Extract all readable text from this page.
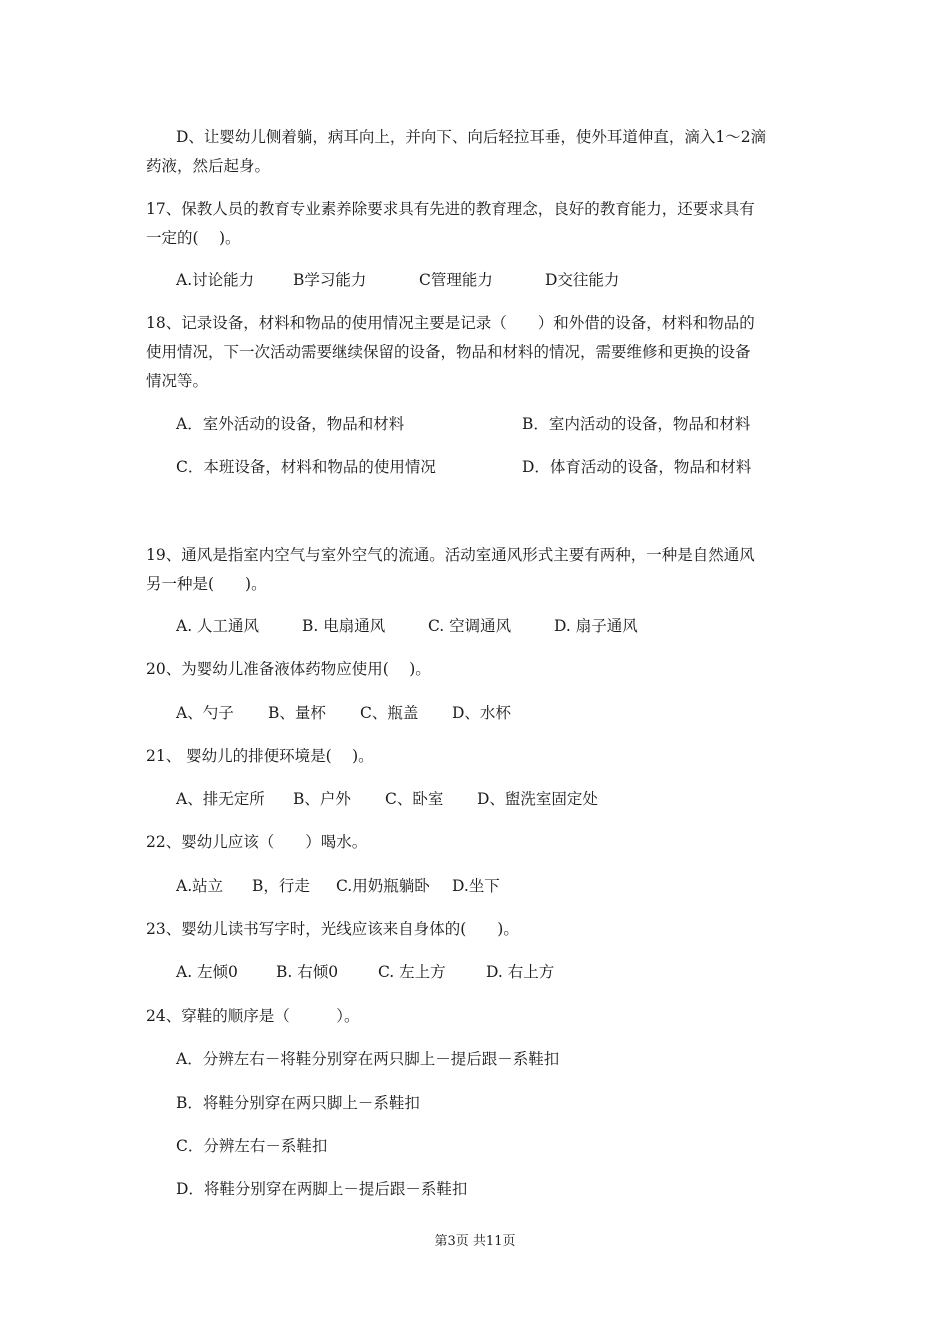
D、让婴幼儿侧着躺，病耳向上，并向下、向后轻拉耳垂，使外耳道伸直，滴入1～2滴
药液，然后起身。
17、保教人员的教育专业素养除要求具有先进的教育理念，良好的教育能力，还要求具有
一定的(　 )。
A.讨论能力	B学习能力	C管理能力	D交往能力
18、记录设备，材料和物品的使用情况主要是记录（　　）和外借的设备，材料和物品的
使用情况，下一次活动需要继续保留的设备，物品和材料的情况，需要维修和更换的设备
情况等。
A．室外活动的设备，物品和材料	B．室内活动的设备，物品和材料
C．本班设备，材料和物品的使用情况	D．体育活动的设备，物品和材料
19、通风是指室内空气与室外空气的流通。活动室通风形式主要有两种，一种是自然通风
另一种是(　　)。
A. 人工通风	B. 电扇通风	C. 空调通风	D. 扇子通风
20、为婴幼儿准备液体药物应使用(　 )。
A、勺子 B、量杯 C、瓶盖 D、水杯
21、 婴幼儿的排便环境是(　 )。
A、排无定所 B、户外 C、卧室 D、盥洗室固定处
22、婴幼儿应该（　　）喝水。
A.站立 B，行走 C.用奶瓶躺卧 D.坐下
23、婴幼儿读书写字时，光线应该来自身体的(　　)。
A. 左倾0 B. 右倾0	C. 左上方	D. 右上方
24、穿鞋的顺序是（　　　）。
A．分辨左右－将鞋分别穿在两只脚上－提后跟－系鞋扣
B．将鞋分别穿在两只脚上－系鞋扣
C．分辨左右－系鞋扣
D．将鞋分别穿在两脚上－提后跟－系鞋扣
第3页 共11页
